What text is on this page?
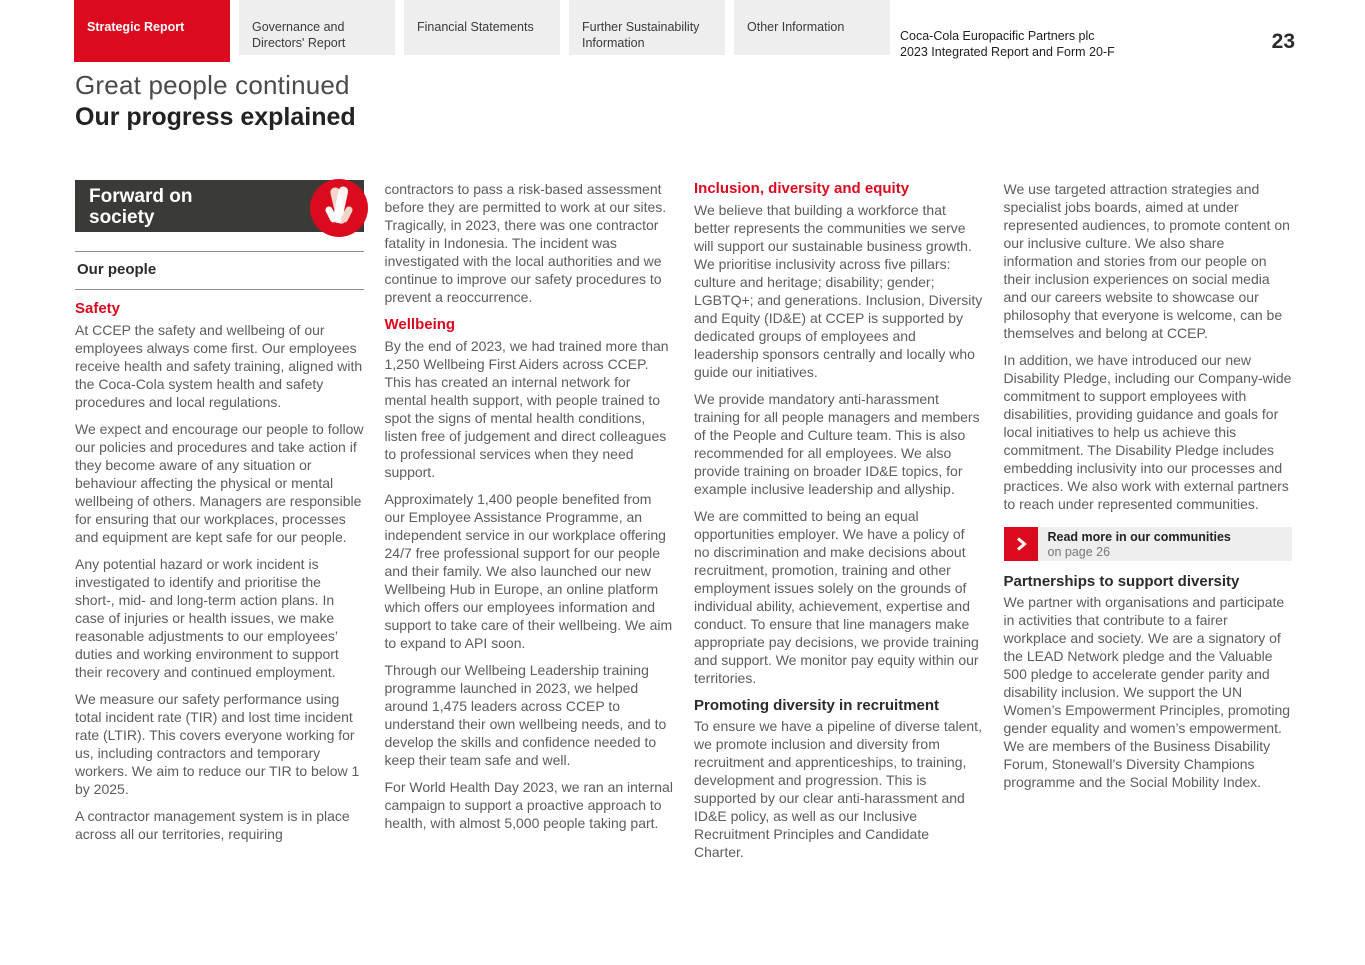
Strategic Report	Governance and Directors' Report
Financial Statements	Further Sustainability Information
Other Information
Coca-Cola Europacific Partners plc
2023 Integrated Report and Form 20-F	23
Great people continued
Our progress explained
Forward on
society
Our people
Safety

At CCEP the safety and wellbeing of our employees always come first. Our employees receive health and safety training, aligned with the Coca-Cola system health and safety procedures and local regulations.

We expect and encourage our people to follow our policies and procedures and take action if they become aware of any situation or behaviour affecting the physical or mental wellbeing of others. Managers are responsible for ensuring that our workplaces, processes and equipment are kept safe for our people.

Any potential hazard or work incident is investigated to identify and prioritise the short-, mid- and long-term action plans. In case of injuries or health issues, we make reasonable adjustments to our employees’ duties and working environment to support their recovery and continued employment.

We measure our safety performance using total incident rate (TIR) and lost time incident rate (LTIR). This covers everyone working for us, including contractors and temporary workers. We aim to reduce our TIR to below 1 by 2025.

A contractor management system is in place across all our territories, requiring

contractors to pass a risk-based assessment before they are permitted to work at our sites. Tragically, in 2023, there was one contractor fatality in Indonesia. The incident was investigated with the local authorities and we continue to improve our safety procedures to prevent a reoccurrence.

Wellbeing

By the end of 2023, we had trained more than 1,250 Wellbeing First Aiders across CCEP. This has created an internal network for mental health support, with people trained to spot the signs of mental health conditions, listen free of judgement and direct colleagues to professional services when they need support.

Approximately 1,400 people benefited from our Employee Assistance Programme, an independent service in our workplace offering 24/7 free professional support for our people and their family. We also launched our new Wellbeing Hub in Europe, an online platform which offers our employees information and support to take care of their wellbeing. We aim to expand to API soon.

Through our Wellbeing Leadership training programme launched in 2023, we helped around 1,475 leaders across CCEP to understand their own wellbeing needs, and to develop the skills and confidence needed to keep their team safe and well.

For World Health Day 2023, we ran an internal campaign to support a proactive approach to health, with almost 5,000 people taking part.

Inclusion, diversity and equity

We believe that building a workforce that better represents the communities we serve will support our sustainable business growth. We prioritise inclusivity across five pillars: culture and heritage; disability; gender; LGBTQ+; and generations. Inclusion, Diversity and Equity (ID&E) at CCEP is supported by dedicated groups of employees and leadership sponsors centrally and locally who guide our initiatives.

We provide mandatory anti-harassment training for all people managers and members of the People and Culture team. This is also recommended for all employees. We also provide training on broader ID&E topics, for example inclusive leadership and allyship.

We are committed to being an equal opportunities employer. We have a policy of no discrimination and make decisions about recruitment, promotion, training and other employment issues solely on the grounds of individual ability, achievement, expertise and conduct. To ensure that line managers make appropriate pay decisions, we provide training and support. We monitor pay equity within our territories.

Promoting diversity in recruitment

To ensure we have a pipeline of diverse talent, we promote inclusion and diversity from recruitment and apprenticeships, to training, development and progression. This is supported by our clear anti-harassment and ID&E policy, as well as our Inclusive Recruitment Principles and Candidate Charter.

We use targeted attraction strategies and specialist jobs boards, aimed at under represented audiences, to promote content on our inclusive culture. We also share information and stories from our people on their inclusion experiences on social media and our careers website to showcase our philosophy that everyone is welcome, can be themselves and belong at CCEP.

In addition, we have introduced our new Disability Pledge, including our Company-wide commitment to support employees with disabilities, providing guidance and goals for local initiatives to help us achieve this commitment. The Disability Pledge includes embedding inclusivity into our processes and practices. We also work with external partners to reach under represented communities.

Read more in our communities
on page 26
Partnerships to support diversity

We partner with organisations and participate in activities that contribute to a fairer workplace and society. We are a signatory of the LEAD Network pledge and the Valuable 500 pledge to accelerate gender parity and disability inclusion. We support the UN Women’s Empowerment Principles, promoting gender equality and women’s empowerment. We are members of the Business Disability Forum, Stonewall’s Diversity Champions programme and the Social Mobility Index.
